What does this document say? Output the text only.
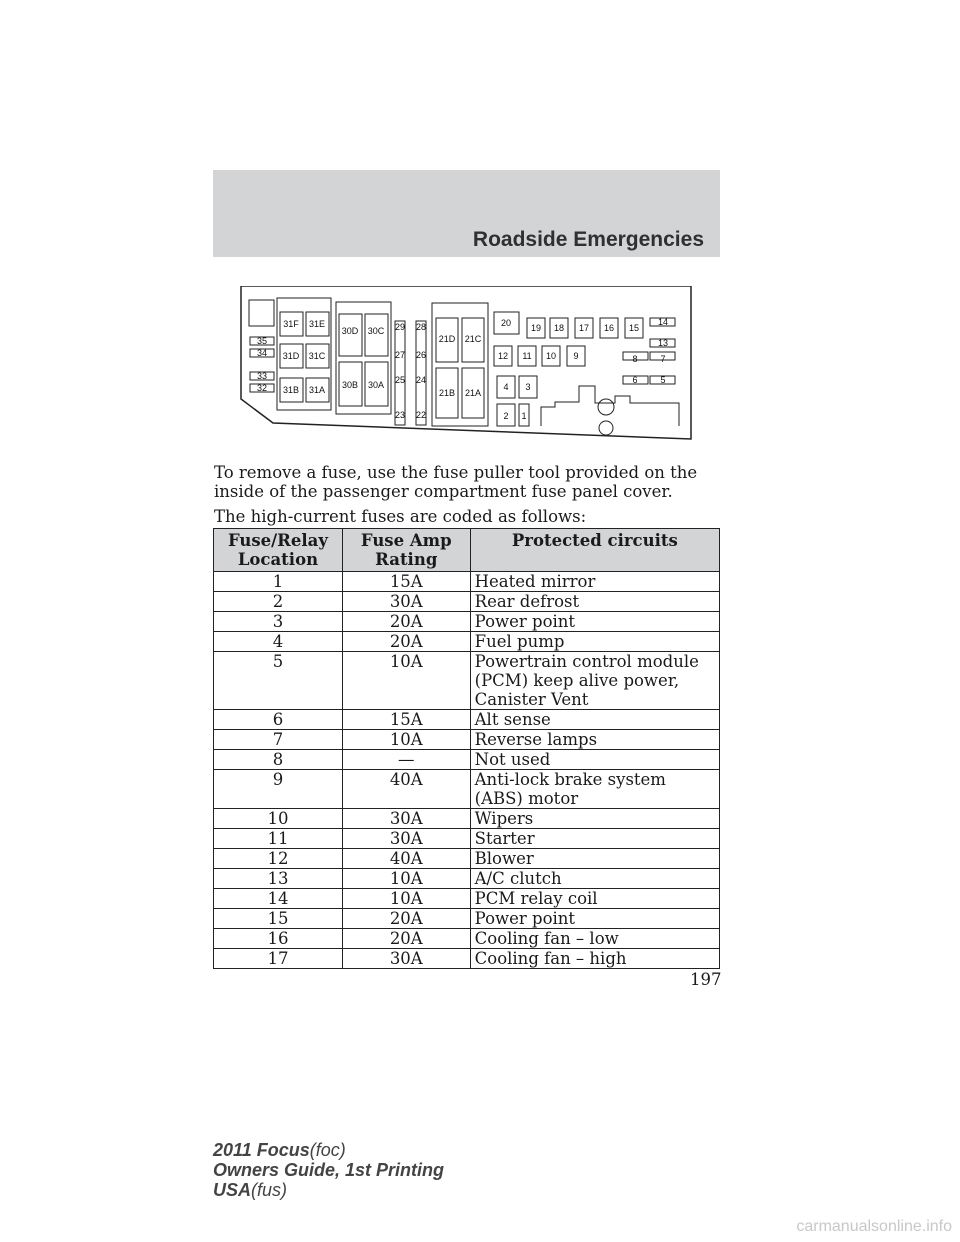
Roadside Emergencies
35
34
33
32
31F 31E
31D 31C
31B 31A
30D 30C
30B 30A
29 28
27 26
25 24
23 22
21D 21C
21B 21A
20 19 18 17 16 15
14
13
12 11 10 9	8	7
6	5
4 3
2 1
To remove a fuse, use the fuse puller tool provided on the inside of the passenger compartment fuse panel cover.
The high-current fuses are coded as follows:
Fuse/Relay Location	Fuse Amp Rating	Protected circuits
1	15A	Heated mirror
2	30A	Rear defrost
3	20A	Power point
4	20A	Fuel pump
5	10A	Powertrain control module (PCM) keep alive power, Canister Vent
6	15A	Alt sense
7	10A	Reverse lamps
8	—	Not used
9	40A	Anti-lock brake system (ABS) motor
10	30A	Wipers
11	30A	Starter
12	40A	Blower
13	10A	A/C clutch
14	10A	PCM relay coil
15	20A	Power point
16	20A	Cooling fan – low
17	30A	Cooling fan – high
197
2011 Focus(foc)
Owners Guide, 1st Printing
USA(fus)
carmanualsonline.info
